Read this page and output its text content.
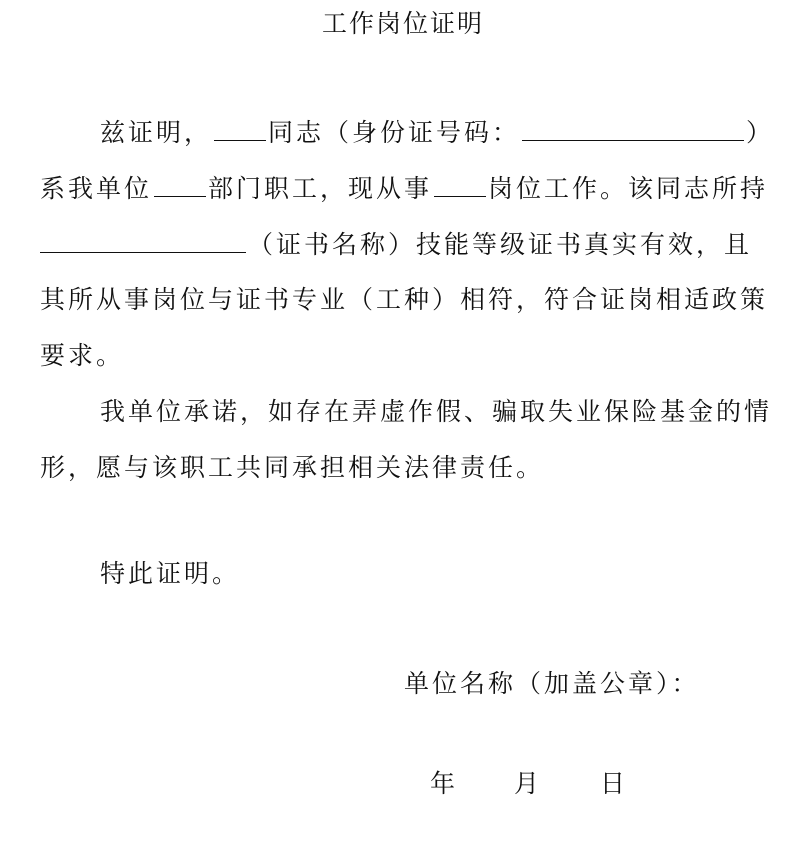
工作岗位证明
兹证明， 同志（身份证号码：	）
系我单位 部门职工，现从事 岗位工作。该同志所持
（证书名称）技能等级证书真实有效，且
其所从事岗位与证书专业（工种）相符，符合证岗相适政策
要求。
我单位承诺，如存在弄虚作假、骗取失业保险基金的情
形，愿与该职工共同承担相关法律责任。
特此证明。
单位名称（加盖公章）：
年 月 日
